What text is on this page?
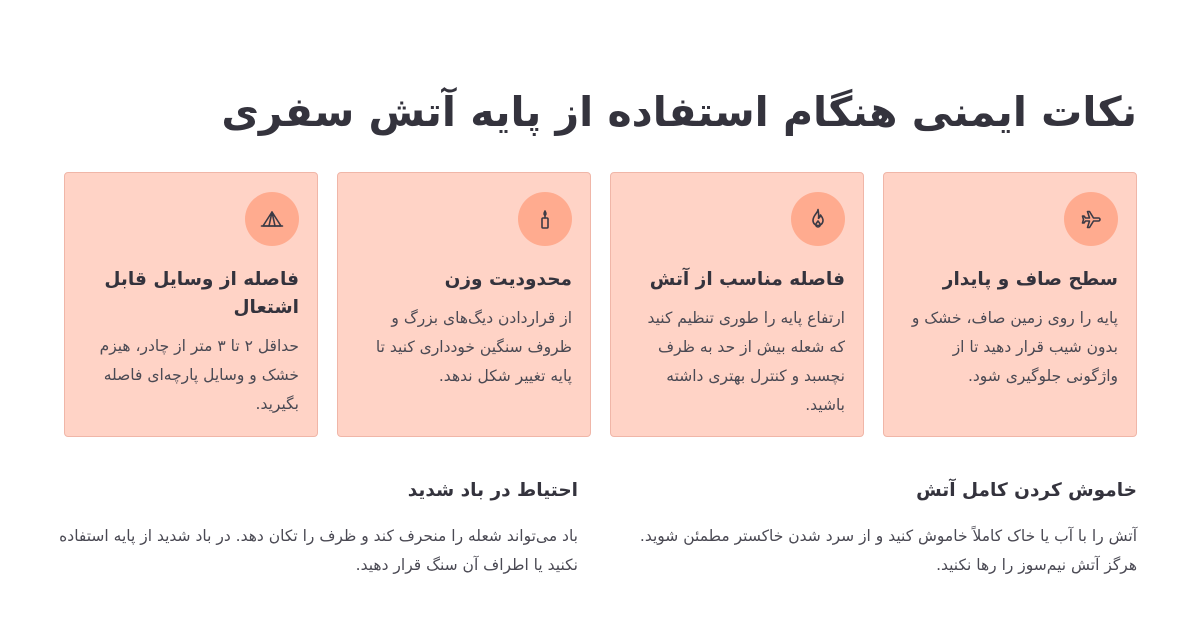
نکات ایمنی هنگام استفاده از پایه آتش سفری
سطح صاف و پایدار
پایه را روی زمین صاف، خشک و بدون شیب قرار دهید تا از واژگونی جلوگیری شود.
فاصله مناسب از آتش
ارتفاع پایه را طوری تنظیم کنید که شعله بیش از حد به ظرف نچسبد و کنترل بهتری داشته باشید.
محدودیت وزن
از قراردادن دیگ‌های بزرگ و ظروف سنگین خودداری کنید تا پایه تغییر شکل ندهد.
فاصله از وسایل قابل اشتعال
حداقل ۲ تا ۳ متر از چادر، هیزم خشک و وسایل پارچه‌ای فاصله بگیرید.
خاموش کردن کامل آتش
آتش را با آب یا خاک کاملاً خاموش کنید و از سرد شدن خاکستر مطمئن شوید. هرگز آتش نیم‌سوز را رها نکنید.
احتیاط در باد شدید
باد می‌تواند شعله را منحرف کند و ظرف را تکان دهد. در باد شدید از پایه استفاده نکنید یا اطراف آن سنگ قرار دهید.
